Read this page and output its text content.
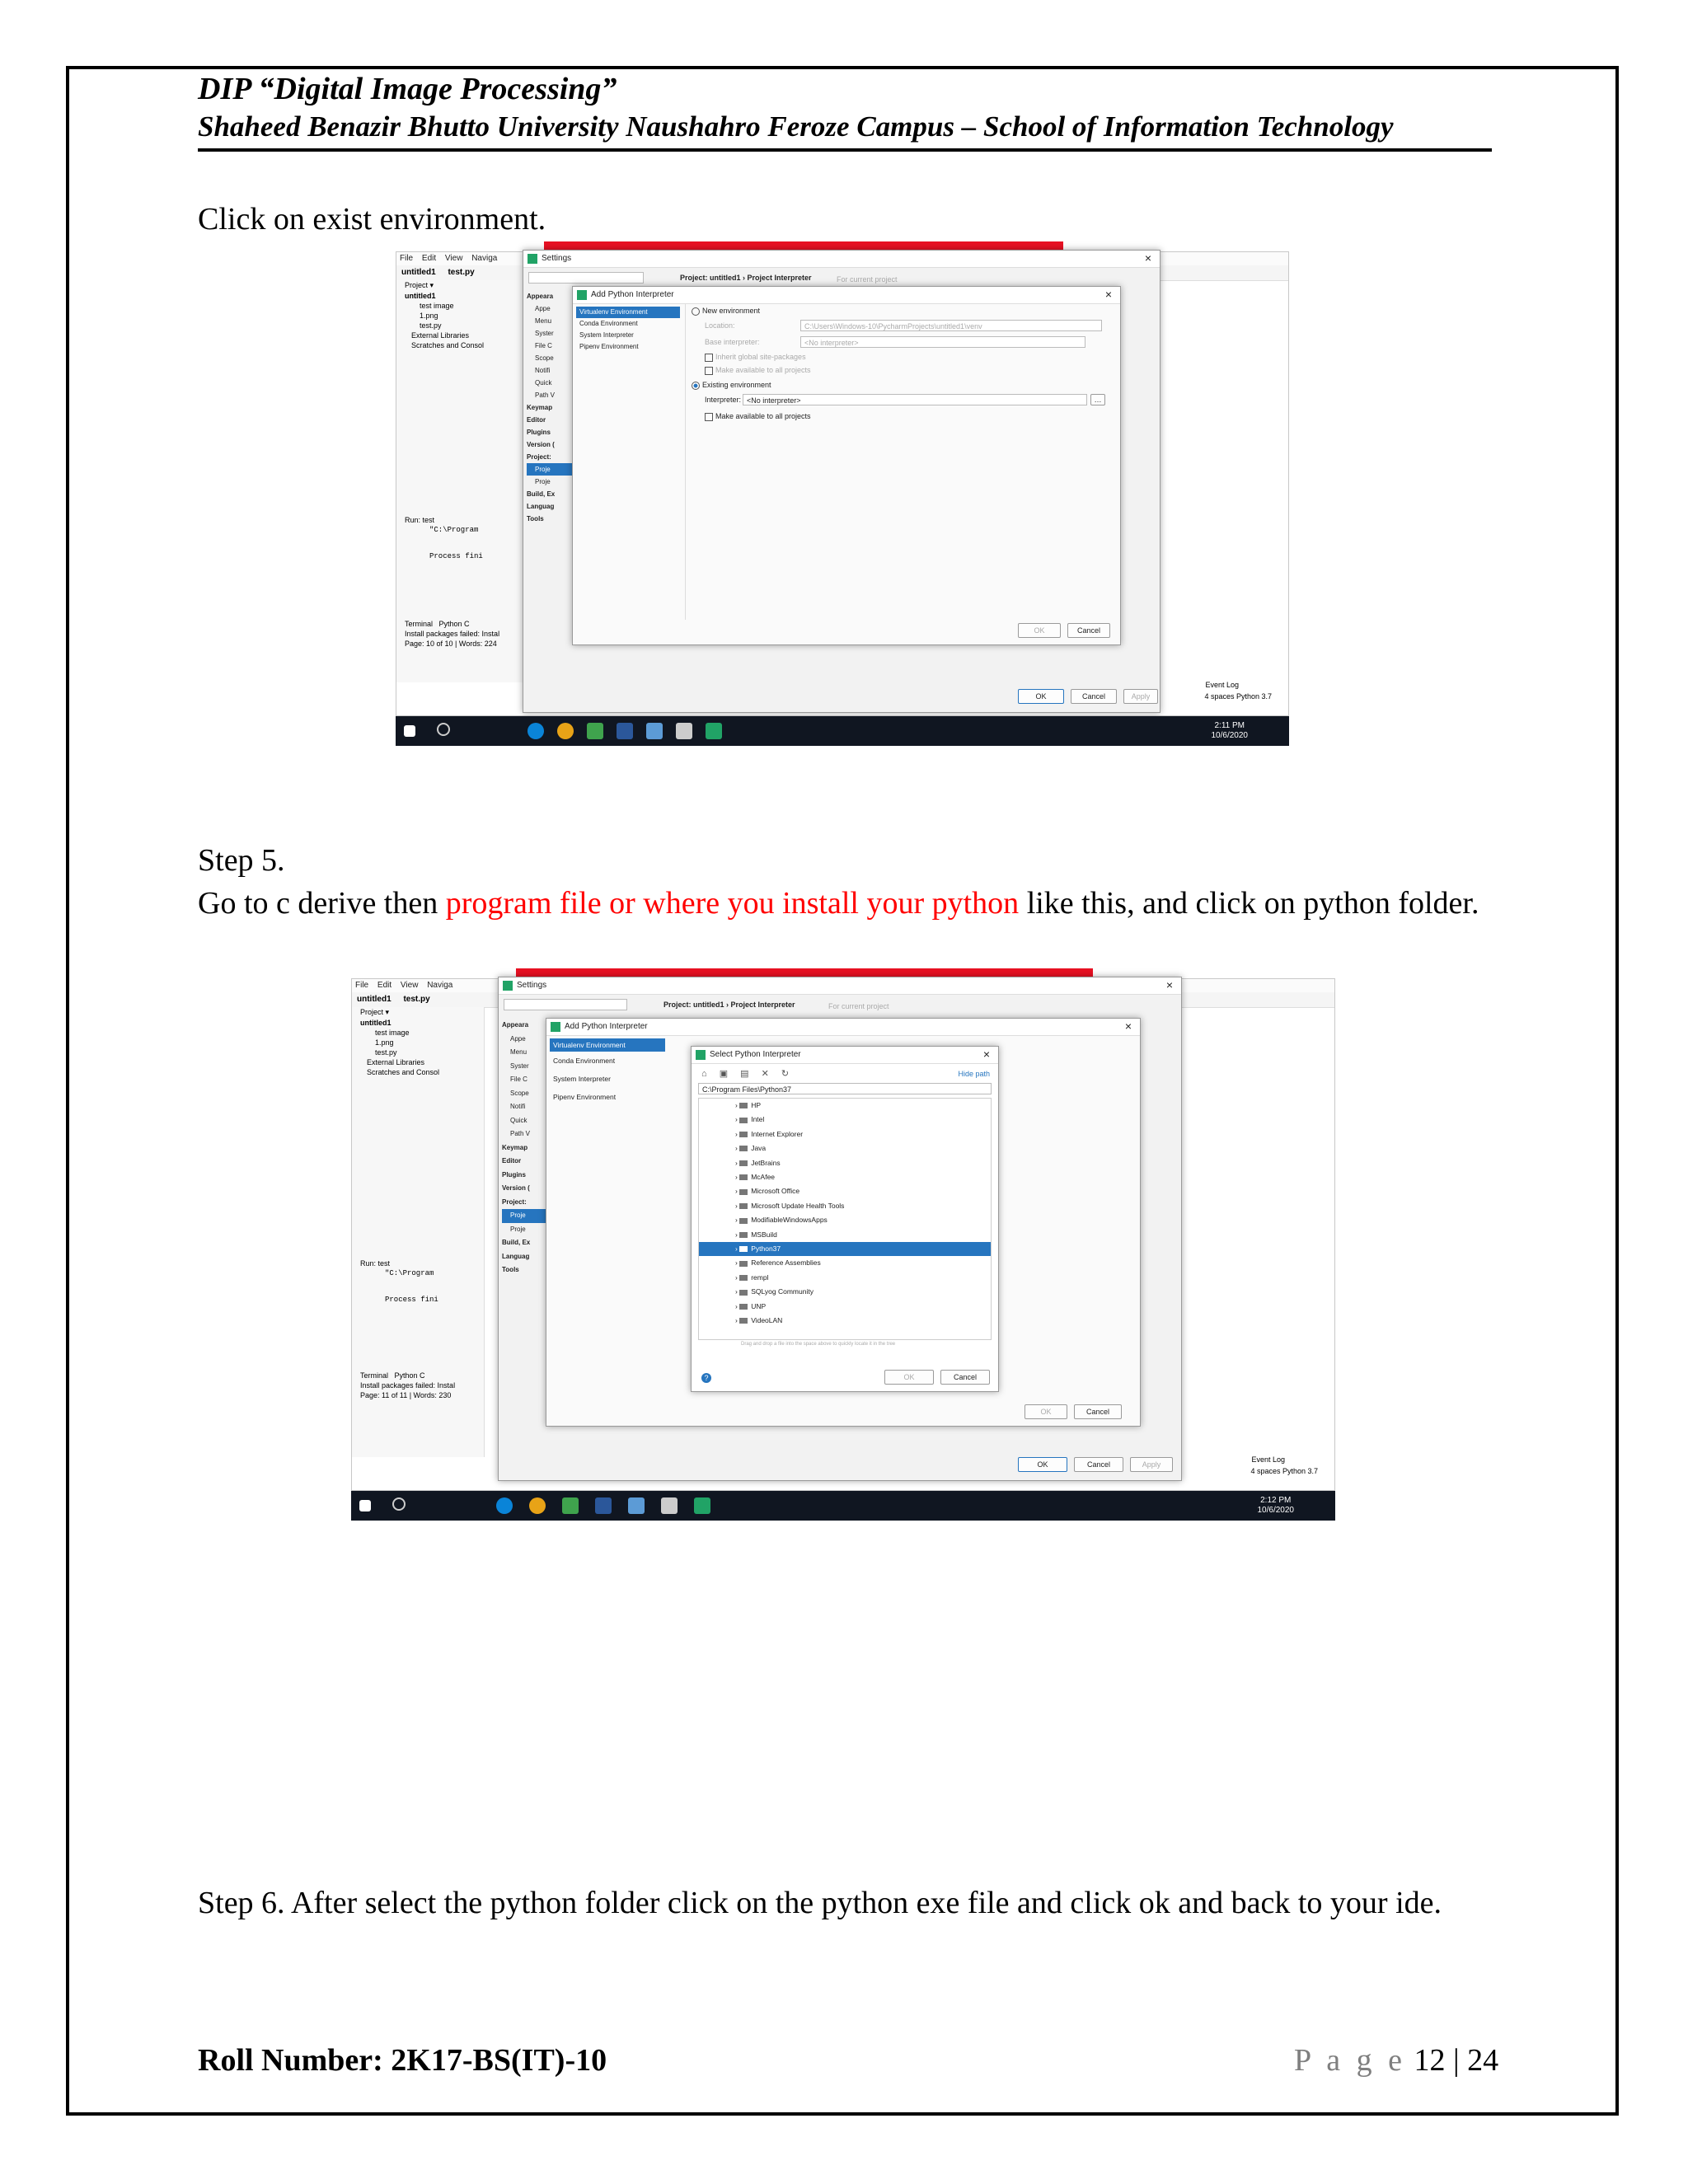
DIP “Digital Image Processing”
Shaheed Benazir Bhutto University Naushahro Feroze Campus – School of Information Technology
Click on exist environment.
File Edit View Naviga
untitled1 test.py
Project ▾
untitled1
test image
1.png
test.py
External Libraries
Scratches and Consol
Run: test
"C:\Program
Process fini
Terminal Python C
Install packages failed: Instal
Page: 10 of 10 | Words: 224
Event Log
4 spaces Python 3.7
Settings	×
Project: untitled1 › Project Interpreter	For current project
Appeara
Appe
Menu
Syster
File C
Scope
Notifi
Quick
Path V
Keymap
Editor
Plugins
Version (
Project:
Proje
Proje
Build, Ex
Languag
Tools
OK	Cancel	Apply
Add Python Interpreter	×
Virtualenv Environment
Conda Environment
System Interpreter
Pipenv Environment
New environment
Location:	C:\Users\Windows-10\PycharmProjects\untitled1\venv
Base interpreter:	<No interpreter>
Inherit global site-packages
Make available to all projects
Existing environment
Interpreter: <No interpreter>	…
Make available to all projects
OK	Cancel
2:11 PM
10/6/2020
Step 5.
Go to c derive then program file or where you install your python like this, and click on python folder.
File Edit View Naviga
untitled1 test.py
Project ▾
untitled1
test image
1.png
test.py
External Libraries
Scratches and Consol
Run: test
"C:\Program
Process fini
Terminal Python C
Install packages failed: Instal
Page: 11 of 11 | Words: 230
Event Log
4 spaces Python 3.7
Settings	×
Project: untitled1 › Project Interpreter	For current project
Appeara
Appe
Menu
Syster
File C
Scope
Notifi
Quick
Path V
Keymap
Editor
Plugins
Version (
Project:
Proje
Proje
Build, Ex
Languag
Tools
OK	Cancel	Apply
Add Python Interpreter	×
Virtualenv Environment
Conda Environment
System Interpreter
Pipenv Environment
OK	Cancel
Select Python Interpreter	×
⌂ ▣ ▤ ✕ ↻	Hide path
C:\Program Files\Python37
› HP
› Intel
› Internet Explorer
› Java
› JetBrains
› McAfee
› Microsoft Office
› Microsoft Update Health Tools
› ModifiableWindowsApps
› MSBuild
› Python37
› Reference Assemblies
› rempl
› SQLyog Community
› UNP
› VideoLAN
Drag and drop a file into the space above to quickly locate it in the tree
?	OK	Cancel
2:12 PM
10/6/2020
Step 6. After select the python folder click on the python exe file and click ok and back to your ide.
Roll Number: 2K17-BS(IT)-10	P a g e 12 | 24
